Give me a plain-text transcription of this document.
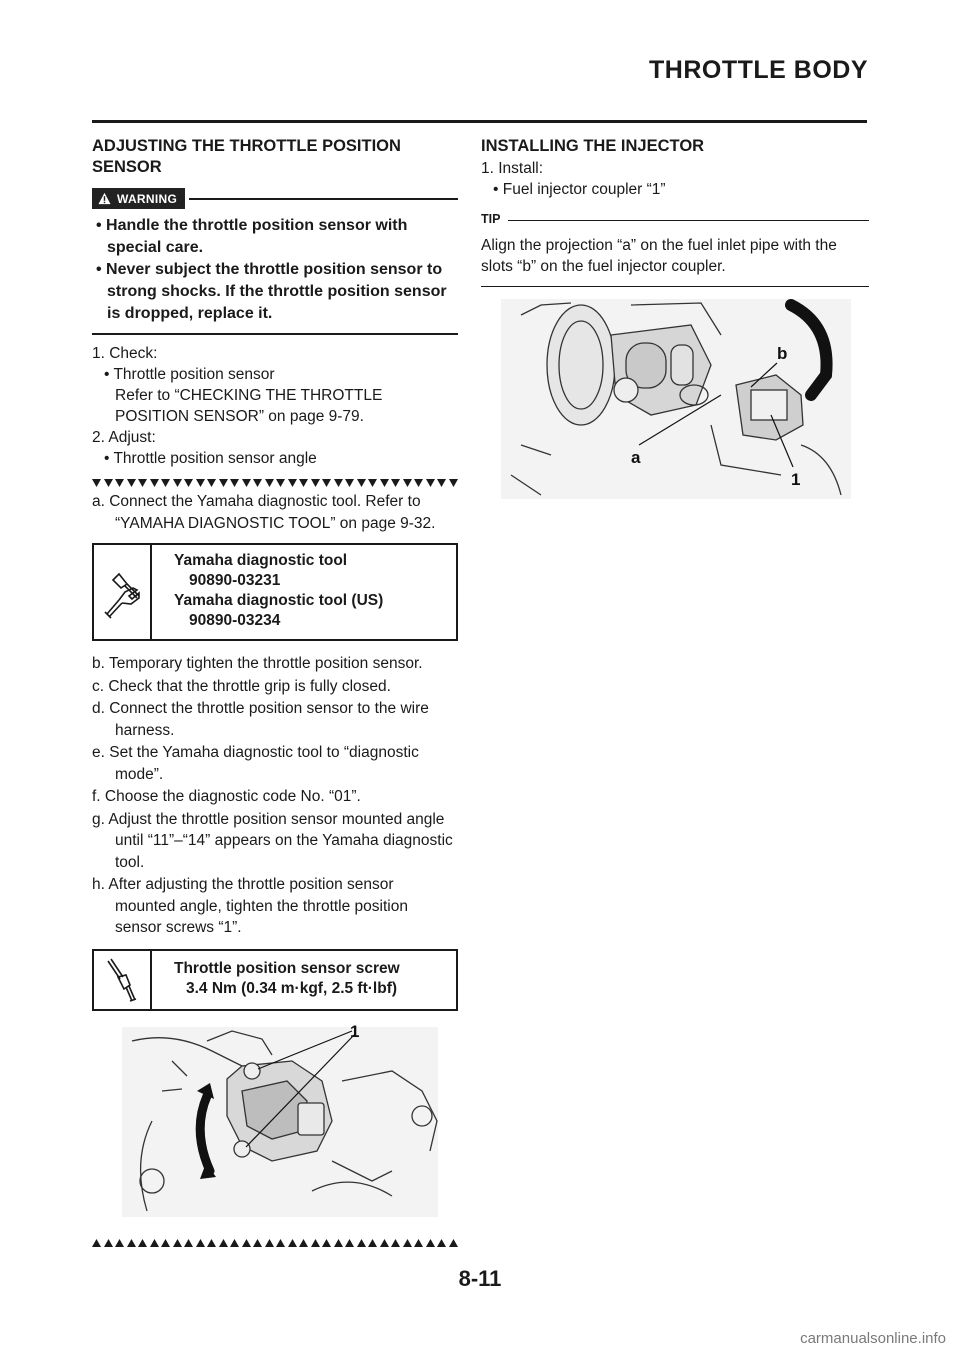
THROTTLE BODY
ADJUSTING THE THROTTLE POSITION SENSOR
WARNING
• Handle the throttle position sensor with special care.
• Never subject the throttle position sensor to strong shocks. If the throttle position sensor is dropped, replace it.
1. Check:
• Throttle position sensor
Refer to “CHECKING THE THROTTLE POSITION SENSOR” on page 9-79.
2. Adjust:
• Throttle position sensor angle
a. Connect the Yamaha diagnostic tool. Refer to “YAMAHA DIAGNOSTIC TOOL” on page 9-32.
Yamaha diagnostic tool
90890-03231
Yamaha diagnostic tool (US)
90890-03234
b. Temporary tighten the throttle position sensor.
c. Check that the throttle grip is fully closed.
d. Connect the throttle position sensor to the wire harness.
e. Set the Yamaha diagnostic tool to “diagnostic mode”.
f. Choose the diagnostic code No. “01”.
g. Adjust the throttle position sensor mounted angle until “11”–“14” appears on the Yamaha diagnostic tool.
h. After adjusting the throttle position sensor mounted angle, tighten the throttle position sensor screws “1”.
Throttle position sensor screw
3.4 Nm (0.34 m·kgf, 2.5 ft·lbf)
1
INSTALLING THE INJECTOR
1. Install:
• Fuel injector coupler “1”
TIP
Align the projection “a” on the fuel inlet pipe with the slots “b” on the fuel injector coupler.
a
b
1
8-11
carmanualsonline.info
